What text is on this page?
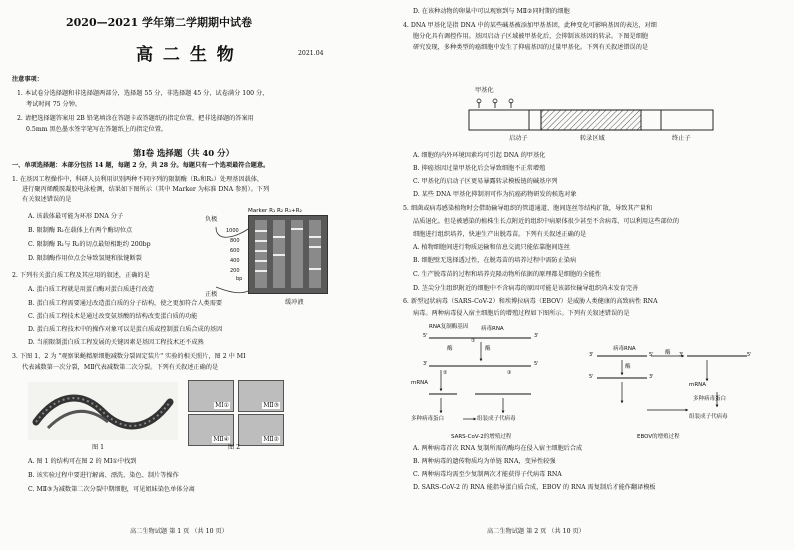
2020—2021 学年第二学期期中试卷
高 二 生 物	2021.04
注意事项：
1. 本试卷分选择题和非选择题两部分，选择题 55 分，非选择题 45 分，试卷满分 100 分，
考试时间 75 分钟。
2. 请把选择题答案用 2B 铅笔填涂在答题卡或答题纸的指定位置，把非选择题的答案用
0.5mm 黑色墨水签字笔写在答题纸上的指定位置。
第Ⅰ卷 选择题（共 40 分）
一、单项选择题：本部分包括 14 题，每题 2 分，共 28 分。每题只有一个选项最符合题意。
1. 在基因工程操作中，科研人员利用识别两种不同序列的限制酶（R₁和R₂）处理基因载体，
进行聚丙烯酰胺凝胶电泳检测，结果如下图所示（其中 Marker 为标准 DNA 参照）。下列
有关叙述错误的是
A. 该载体最可能为环形 DNA 分子
B. 限制酶 R₁在载体上有两个酶切位点
C. 限制酶 R₁与 R₂的切点最短相距约 200bp
D. 限制酶作用位点会导致氢键和肽键断裂
Marker R₁ R₂ R₁+R₂
负极
正极
缓冲液
1000
800
600
400
200
bp
2. 下列有关蛋白质工程及其应用的叙述，正确的是
A. 蛋白质工程就是用蛋白酶对蛋白质进行改造
B. 蛋白质工程需要通过改造蛋白质的分子结构，使之更加符合人类需要
C. 蛋白质工程技术是通过改变氨基酸的结构改变蛋白质的功能
D. 蛋白质工程技术中的操作对象可以是蛋白质或控制蛋白质合成的基因
D. 当前限制蛋白质工程发展的关键因素是基因工程技术还不成熟
3. 下图 1、2 为 "观察果蝇精原细胞减数分裂固定装片" 实验的相关照片，图 2 中 MⅠ
代表减数第一次分裂，MⅡ代表减数第二次分裂。下列有关叙述正确的是
MⅠ①	MⅡ③
MⅡ④	MⅡ②
图 1	图 2
A. 图 1 的结构可在图 2 的 MⅠ①中找到
B. 该实验过程中要进行解离、漂洗、染色、制片等操作
C. MⅡ③为减数第二次分裂中期细胞，可见姐妹染色单体分离
高二生物试题 第 1 页 （共 10 页）
D. 在该种动物的卵巢中可以观察到与 MⅡ②同时期的细胞
4. DNA 甲基化是指 DNA 中的某些碱基被添加甲基基团，此种变化可影响基因的表达，对细
胞分化具有调控作用。基因启动子区域被甲基化后，会抑制该基因的转录。下图是细胞
研究发现，多种类型的癌细胞中发生了抑癌基因的过量甲基化。下列有关叙述错误的是
甲基化
启动子	转录区域	终止子
A. 细胞的内外环境因素均可引起 DNA 的甲基化
B. 抑癌基因过量甲基化后会导致细胞不正常增殖
C. 甲基化的启动子区更易暴露转录模板链的碱基序列
D. 某些 DNA 甲基化抑制剂可作为抗癌药物研发的候选对象
5. 细菌或病毒感染植物时会借助输导组织的管道通道、胞间连丝等结构扩散，导致其产量和
品质退化。但是被感染的植株生长点附近的组织中病原体很少甚至不含病毒，可以利用这些部位的
细胞进行组织培养，快速生产出脱毒苗。下列有关叙述正确的是
A. 植物细胞间进行物质运输和信息交流只能依靠胞间连丝
B. 细胞壁无选择透过性，在脱毒苗的培养过程中需防止染病
C. 生产脱毒苗的过程和培养克隆动物所依据的原理都是细胞的全能性
D. 茎尖分生组织附近的细胞中不含病毒的原因可能是该部位输导组织尚未发育完善
6. 新型冠状病毒（SARS-CoV-2）和埃博拉病毒（EBOV）是威胁人类健康的高致病性 RNA
病毒。两种病毒侵入宿主细胞后的增殖过程如下图所示。下列有关叙述错误的是
RNA复制酶基因 病毒RNA
5'	3'
3'	5'
酶	酶
①
②	③
mRNA
多种病毒蛋白	组装成子代病毒
SARS-CoV-2的增殖过程
病毒RNA
3'	5'
5'	3'
3'	5'
酶
酶
mRNA
多种病毒蛋白
组装成子代病毒
EBOV的增殖过程
A. 两种病毒首次 RNA 复制所需的酶均在侵入宿主细胞后合成
B. 两种病毒的遗传物质均为单链 RNA，变异性较强
C. 两种病毒均需至少复制两次才能获得子代病毒 RNA
D. SARS-CoV-2 的 RNA 能指导蛋白质合成，EBOV 的 RNA 需复制后才能作翻译模板
高二生物试题 第 2 页 （共 10 页）
